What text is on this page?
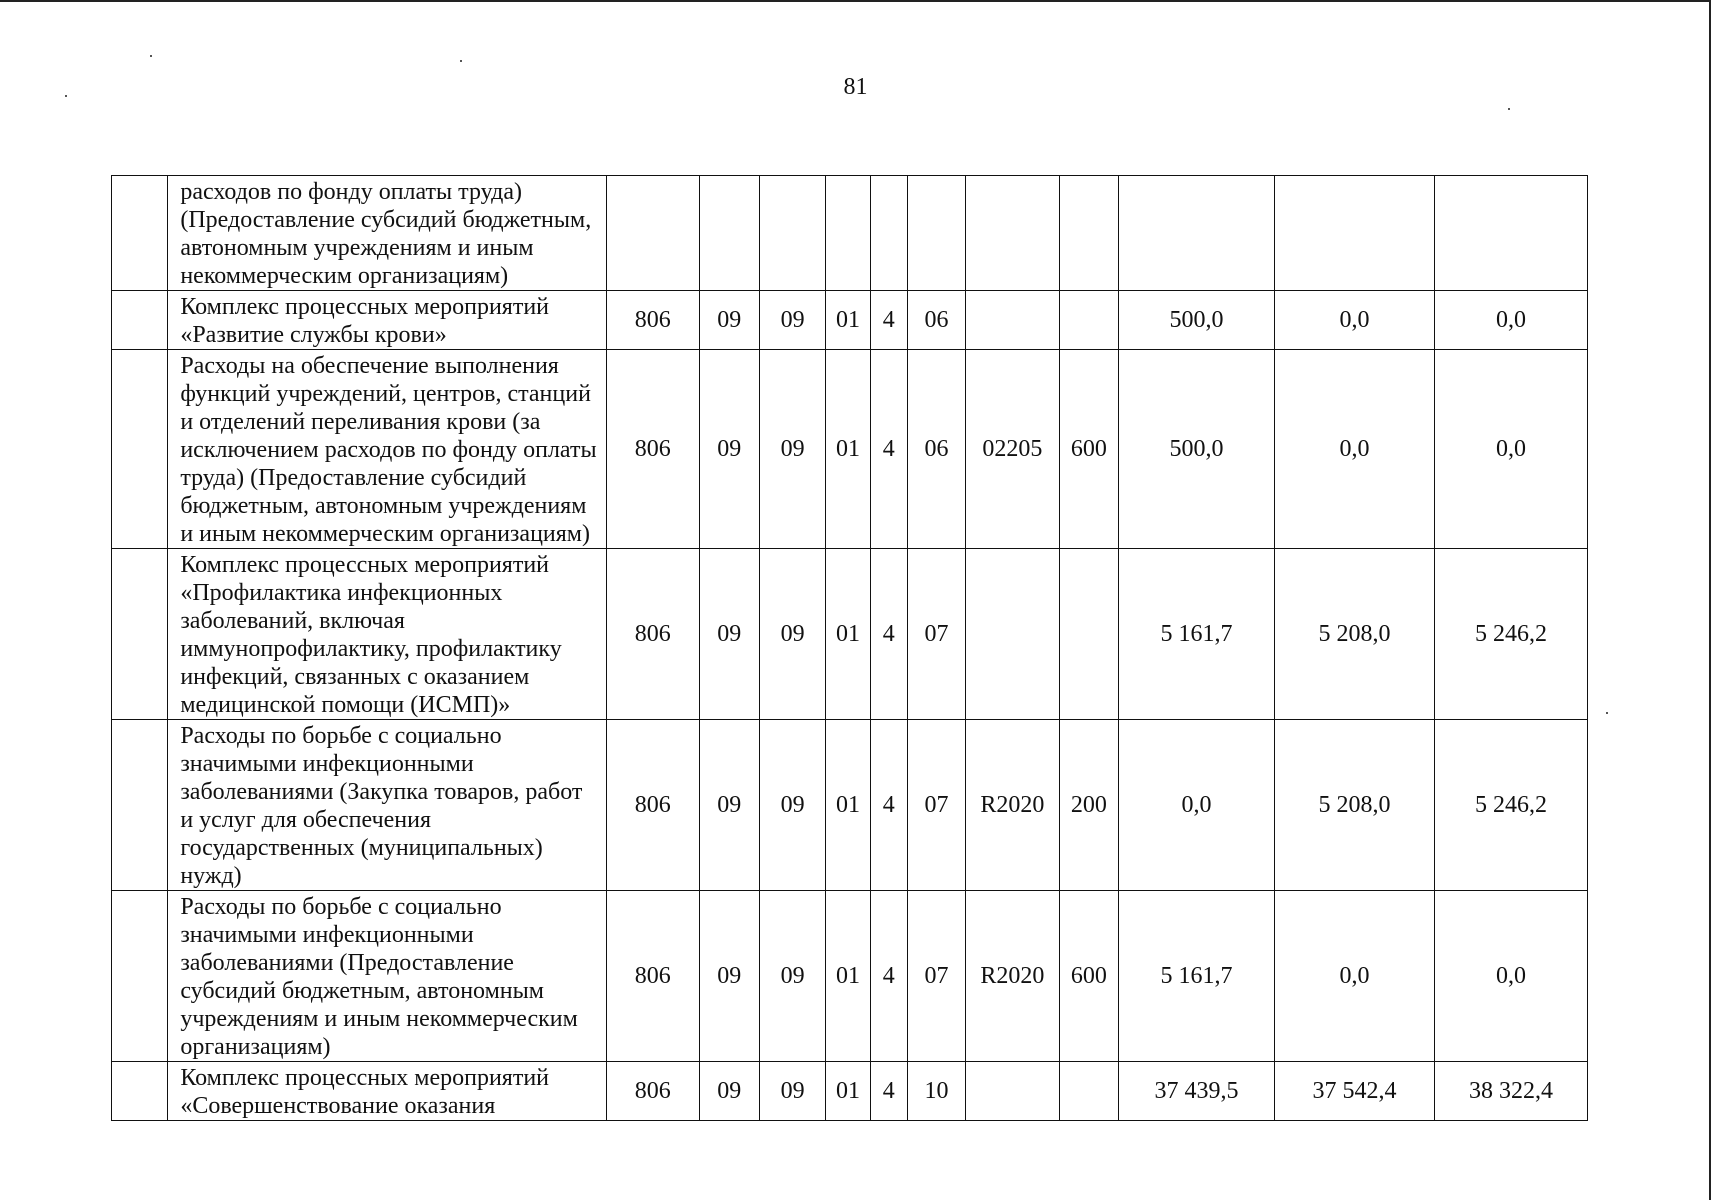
81
	расходов по фонду оплаты труда) (Предоставление субсидий бюджетным, автономным учреждениям и иным некоммерческим организациям)											
	Комплекс процессных мероприятий «Развитие службы крови»	806	09	09	01	4	06			500,0	0,0	0,0
	Расходы на обеспечение выполнения функций учреждений, центров, станций и отделений переливания крови (за исключением расходов по фонду оплаты труда) (Предоставление субсидий бюджетным, автономным учреждениям и иным некоммерческим организациям)	806	09	09	01	4	06	02205	600	500,0	0,0	0,0
	Комплекс процессных мероприятий «Профилактика инфекционных заболеваний, включая иммунопрофилактику, профилактику инфекций, связанных с оказанием медицинской помощи (ИСМП)»	806	09	09	01	4	07			5 161,7	5 208,0	5 246,2
	Расходы по борьбе с социально значимыми инфекционными заболеваниями (Закупка товаров, работ и услуг для обеспечения государственных (муниципальных) нужд)	806	09	09	01	4	07	R2020	200	0,0	5 208,0	5 246,2
	Расходы по борьбе с социально значимыми инфекционными заболеваниями (Предоставление субсидий бюджетным, автономным учреждениям и иным некоммерческим организациям)	806	09	09	01	4	07	R2020	600	5 161,7	0,0	0,0
	Комплекс процессных мероприятий «Совершенствование оказания	806	09	09	01	4	10			37 439,5	37 542,4	38 322,4
